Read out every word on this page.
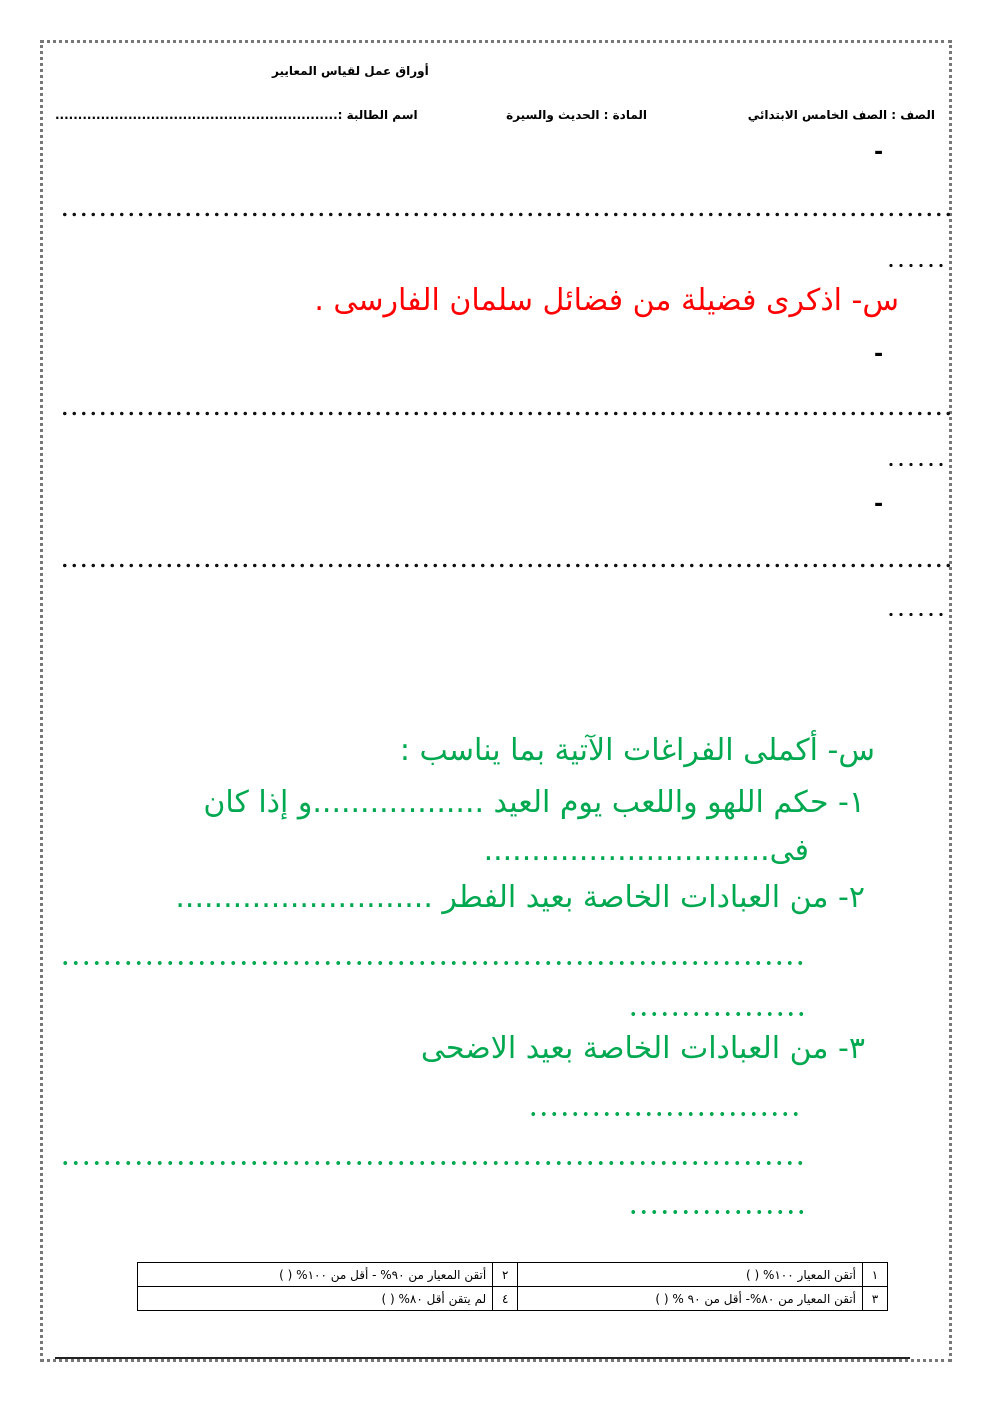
أوراق عمل لقياس المعايير
الصف : الصف الخامس الابتدائي
المادة : الحديث والسيرة
اسم الطالبة :..............................................................
-
س- اذكرى فضيلة من فضائل سلمان الفارسى .
-
-
س- أكملى الفراغات الآتية بما يناسب :
١- حكم اللهو واللعب يوم العيد ..................و إذا كان
فى..............................
٢- من العبادات الخاصة بعيد الفطر ...........................
٣- من العبادات الخاصة بعيد الاضحى
١	أتقن المعيار ١٠٠% ( )	٢	أتقن المعيار من ٩٠% - أقل من ١٠٠% ( )
٣	أتقن المعيار من ٨٠%- أقل من ٩٠ % ( )	٤	لم يتقن أقل ٨٠% ( )
